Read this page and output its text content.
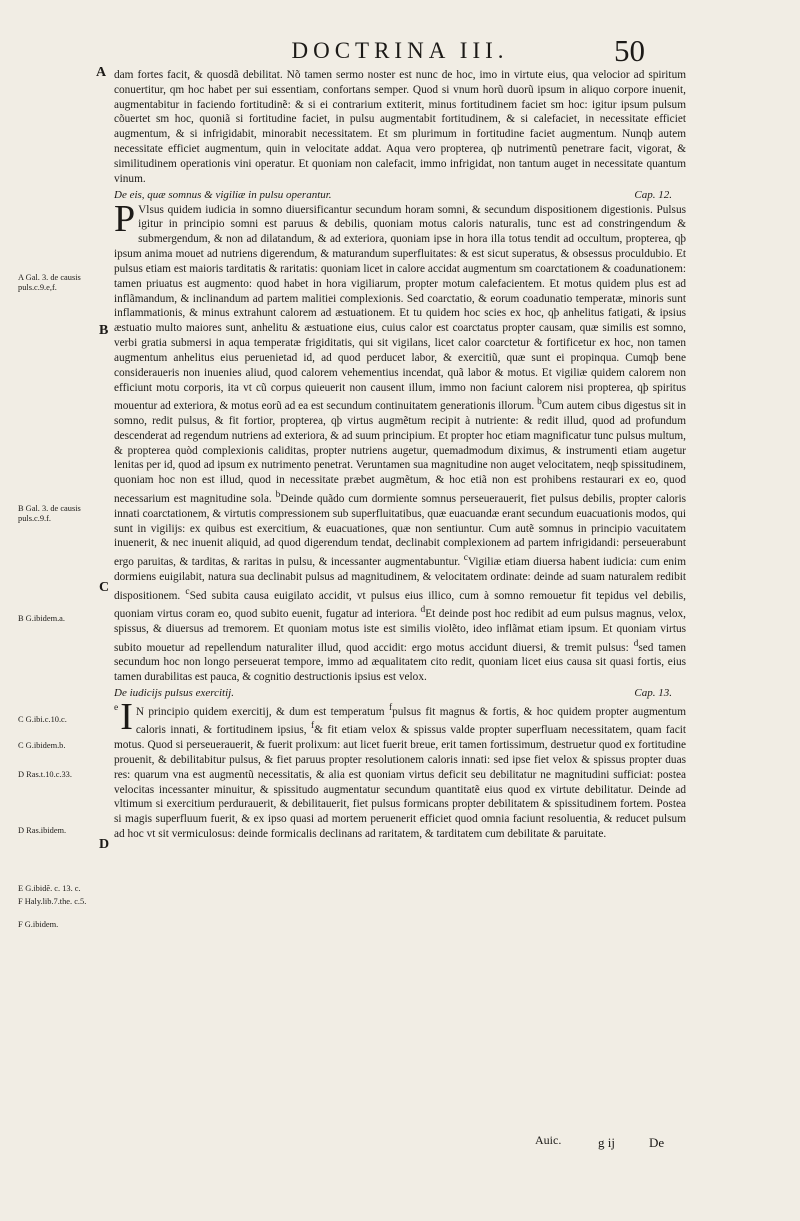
DOCTRINA III.	50
A
B
C
D
A Gal. 3. de causis puls.c.9.e,f.
B Gal. 3. de causis puls.c.9.f.
B G.ibidem.a.
C G.ibi.c.10.c.
C G.ibidem.b.
D Ras.t.10.c.33.
D Ras.ibidem.
E G.ibidẽ. c. 13. c.
F Haly.lib.7.the. c.5.
F G.ibidem.

dam fortes facit, & quosdã debilitat. Nõ tamen sermo noster est nunc de hoc, imo in virtute eius, qua velocior ad spiritum conuertitur, qm hoc habet per sui essentiam, confortans semper. Quod si vnum horũ duorũ ipsum in aliquo corpore inuenit, augmentabitur in faciendo fortitudinẽ: & si ei contrarium extiterit, minus fortitudinem faciet sm hoc: igitur ipsum pulsum cõuertet sm hoc, quoniã si fortitudine faciet, in pulsu augmentabit fortitudinem, & si calefaciet, in necessitate efficiet augmentum, & si infrigidabit, minorabit necessitatem. Et sm plurimum in fortitudine faciet augmentum. Nunqþ autem necessitate efficiet augmentum, quin in velocitate addat. Aqua vero propterea, qþ nutrimentũ penetrare facit, vigorat, & similitudinem operationis vini operatur. Et quoniam non calefacit, immo infrigidat, non tantum auget in necessitate quantum vinum.

De eis, quæ somnus & vigiliæ in pulsu operantur.	Cap. 12.

P Vlsus quidem iudicia in somno diuersificantur secundum horam somni, & secundum dispositionem digestionis. Pulsus igitur in principio somni est paruus & debilis, quoniam motus caloris naturalis, tunc est ad constringendum & submergendum, & non ad dilatandum, & ad exteriora, quoniam ipse in hora illa totus tendit ad occultum, propterea, qþ ipsum anima mouet ad nutriens digerendum, & maturandum superfluitates: & est sicut superatus, & obsessus proculdubio. Et pulsus etiam est maioris tarditatis & raritatis: quoniam licet in calore accidat augmentum sm coarctationem & coadunationem: tamen priuatus est augmento: quod habet in hora vigiliarum, propter motum calefacientem. Et motus quidem plus est ad inflãmandum, & inclinandum ad partem malitiei complexionis. Sed coarctatio, & eorum coadunatio temperatæ, minoris sunt inflammationis, & minus extrahunt calorem ad æstuationem. Et tu quidem hoc scies ex hoc, qþ anhelitus fatigati, & ipsius æstuatio multo maiores sunt, anhelitu & æstuatione eius, cuius calor est coarctatus propter causam, quæ similis est somno, verbi gratia submersi in aqua temperatæ frigiditatis, qui sit vigilans, licet calor coarctetur & fortificetur ex hoc, non tamen augmentum anhelitus eius peruenietad id, ad quod perducet labor, & exercitiũ, quæ sunt ei propinqua. Cumqþ bene consideraueris non inuenies aliud, quod calorem vehementius incendat, quã labor & motus. Et vigiliæ quidem calorem non efficiunt motu corporis, ita vt cũ corpus quieuerit non causent illum, immo non faciunt calorem nisi propterea, qþ spiritus mouentur ad exteriora, & motus eorũ ad ea est secundum continuitatem generationis illorum. $^b$Cum autem cibus digestus sit in somno, redit pulsus, & fit fortior, propterea, qþ virtus augmẽtum recipit à nutriente: & redit illud, quod ad profundum descenderat ad regendum nutriens ad exteriora, & ad suum principium. Et propter hoc etiam magnificatur tunc pulsus multum, & propterea quòd complexionis caliditas, propter nutriens augetur, quemadmodum diximus, & instrumenti etiam augetur lenitas per id, quod ad ipsum ex nutrimento penetrat. Veruntamen sua magnitudine non auget velocitatem, neqþ spissitudinem, quoniam hoc non est illud, quod in necessitate præbet augmẽtum, & hoc etiã non est prohibens restaurari ex eo, quod necessarium est magnitudine sola. $^b$Deinde quãdo cum dormiente somnus perseuerauerit, fiet pulsus debilis, propter caloris innati coarctationem, & virtutis compressionem sub superfluitatibus, quæ euacuandæ erant secundum euacuationis modos, qui sunt in vigilijs: ex quibus est exercitium, & euacuationes, quæ non sentiuntur. Cum autẽ somnus in principio vacuitatem inuenerit, & nec inuenit aliquid, ad quod digerendum tendat, declinabit complexionem ad partem infrigidandi: perseuerabunt ergo paruitas, & tarditas, & raritas in pulsu, & incessanter augmentabuntur. $^c$Vigiliæ etiam diuersa habent iudicia: cum enim dormiens euigilabit, natura sua declinabit pulsus ad magnitudinem, & velocitatem ordinate: deinde ad suam naturalem redibit dispositionem. $^c$Sed subita causa euigilato accidit, vt pulsus eius illico, cum à somno remouetur fit tepidus vel debilis, quoniam virtus coram eo, quod subito euenit, fugatur ad interiora. $^d$Et deinde post hoc redibit ad eum pulsus magnus, velox, spissus, & diuersus ad tremorem. Et quoniam motus iste est similis violẽto, ideo inflãmat etiam ipsum. Et quoniam virtus subito mouetur ad repellendum naturaliter illud, quod accidit: ergo motus accidunt diuersi, & tremit pulsus: $^d$sed tamen secundum hoc non longo perseuerat tempore, immo ad æqualitatem cito redit, quoniam licet eius causa sit quasi fortis, eius tamen durabilitas est pauca, & cognitio destructionis ipsius est velox.

De iudicijs pulsus exercitij.	Cap. 13.

e I N principio quidem exercitij, & dum est temperatum $^f$pulsus fit magnus & fortis, & hoc quidem propter augmentum caloris innati, & fortitudinem ipsius, $^f$& fit etiam velox & spissus valde propter superfluam necessitatem, quam facit motus. Quod si perseuerauerit, & fuerit prolixum: aut licet fuerit breue, erit tamen fortissimum, destruetur quod ex fortitudine prouenit, & debilitabitur pulsus, & fiet paruus propter resolutionem caloris innati: sed ipse fiet velox & spissus propter duas res: quarum vna est augmentũ necessitatis, & alia est quoniam virtus deficit seu debilitatur ne magnitudini sufficiat: postea velocitas incessanter minuitur, & spissitudo augmentatur secundum quantitatẽ eius quod ex virtute debilitatur. Deinde ad vltimum si exercitium perdurauerit, & debilitauerit, fiet pulsus formicans propter debilitatem & spissitudinem fortem. Postea si magis superfluum fuerit, & ex ipso quasi ad mortem peruenerit efficiet quod omnia faciunt resoluentia, & reducet pulsum ad hoc vt sit vermiculosus: deinde formicalis declinans ad raritatem, & tarditatem cum debilitate & paruitate.

Auic.	g ij	De
